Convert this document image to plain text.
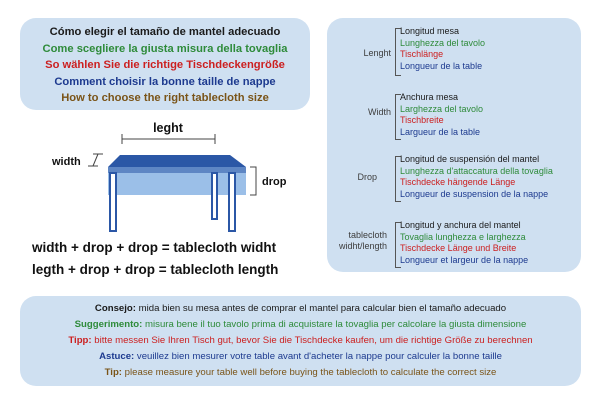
Cómo elegir el tamaño de mantel adecuado
Come scegliere la giusta misura della tovaglia
So wählen Sie die richtige Tischdeckengröße
Comment choisir la bonne taille de nappe
How to choose the right tablecloth size
leght
width
drop
width + drop + drop = tablecloth widht
legth + drop + drop = tablecloth length
Lenght
Longitud mesa
Lunghezza del tavolo
Tischlänge
Longueur de la table
Width
Anchura mesa
Larghezza del tavolo
Tischbreite
Largueur de la table
Drop
Longitud de suspensión del mantel
Lunghezza d'attaccatura della tovaglia
Tischdecke hängende Länge
Longueur de suspension de la nappe
tablecloth
widht/length
Longitud y anchura del mantel
Tovaglia lunghezza e larghezza
Tischdecke Länge und Breite
Longueur et largeur de la nappe
Consejo: mida bien su mesa antes de comprar el mantel para calcular bien el tamaño adecuado
Suggerimento: misura bene il tuo tavolo prima di acquistare la tovaglia per calcolare la giusta dimensione
Tipp: bitte messen Sie Ihren Tisch gut, bevor Sie die Tischdecke kaufen, um die richtige Größe zu berechnen
Astuce: veuillez bien mesurer votre table avant d'acheter la nappe pour calculer la bonne taille
Tip: please measure your table well before buying the tablecloth to calculate the correct size
